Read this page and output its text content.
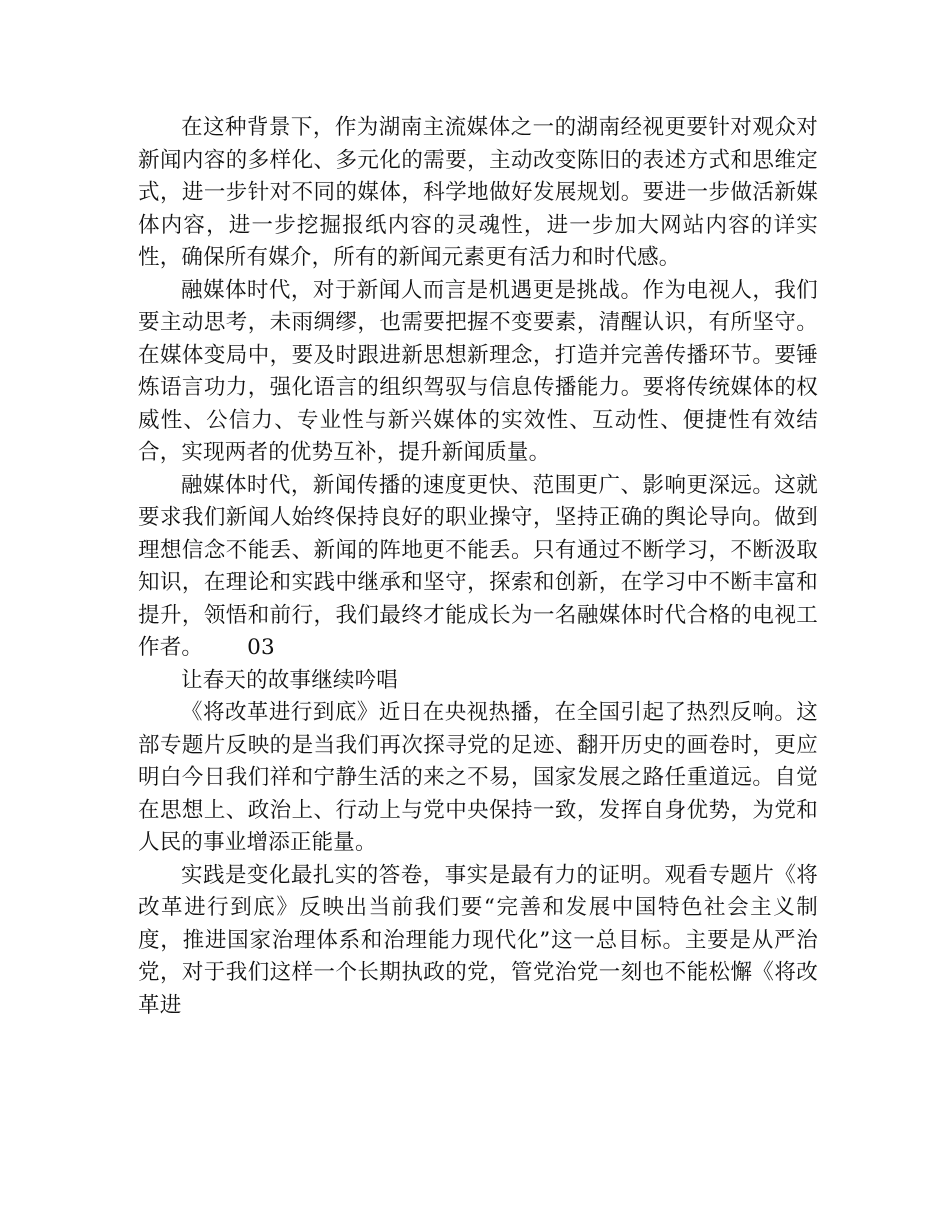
在这种背景下，作为湖南主流媒体之一的湖南经视更要针对观众对新闻内容的多样化、多元化的需要，主动改变陈旧的表述方式和思维定式，进一步针对不同的媒体，科学地做好发展规划。要进一步做活新媒体内容，进一步挖掘报纸内容的灵魂性，进一步加大网站内容的详实性，确保所有媒介，所有的新闻元素更有活力和时代感。

融媒体时代，对于新闻人而言是机遇更是挑战。作为电视人，我们要主动思考，未雨绸缪，也需要把握不变要素，清醒认识，有所坚守。在媒体变局中，要及时跟进新思想新理念，打造并完善传播环节。要锤炼语言功力，强化语言的组织驾驭与信息传播能力。要将传统媒体的权威性、公信力、专业性与新兴媒体的实效性、互动性、便捷性有效结合，实现两者的优势互补，提升新闻质量。

融媒体时代，新闻传播的速度更快、范围更广、影响更深远。这就要求我们新闻人始终保持良好的职业操守，坚持正确的舆论导向。做到理想信念不能丢、新闻的阵地更不能丢。只有通过不断学习，不断汲取知识，在理论和实践中继承和坚守，探索和创新，在学习中不断丰富和提升，领悟和前行，我们最终才能成长为一名融媒体时代合格的电视工作者。 03

让春天的故事继续吟唱

《将改革进行到底》近日在央视热播，在全国引起了热烈反响。这部专题片反映的是当我们再次探寻党的足迹、翻开历史的画卷时，更应明白今日我们祥和宁静生活的来之不易，国家发展之路任重道远。自觉在思想上、政治上、行动上与党中央保持一致，发挥自身优势，为党和人民的事业增添正能量。

实践是变化最扎实的答卷，事实是最有力的证明。观看专题片《将改革进行到底》反映出当前我们要“完善和发展中国特色社会主义制度，推进国家治理体系和治理能力现代化”这一总目标。主要是从严治党，对于我们这样一个长期执政的党，管党治党一刻也不能松懈《将改革进
